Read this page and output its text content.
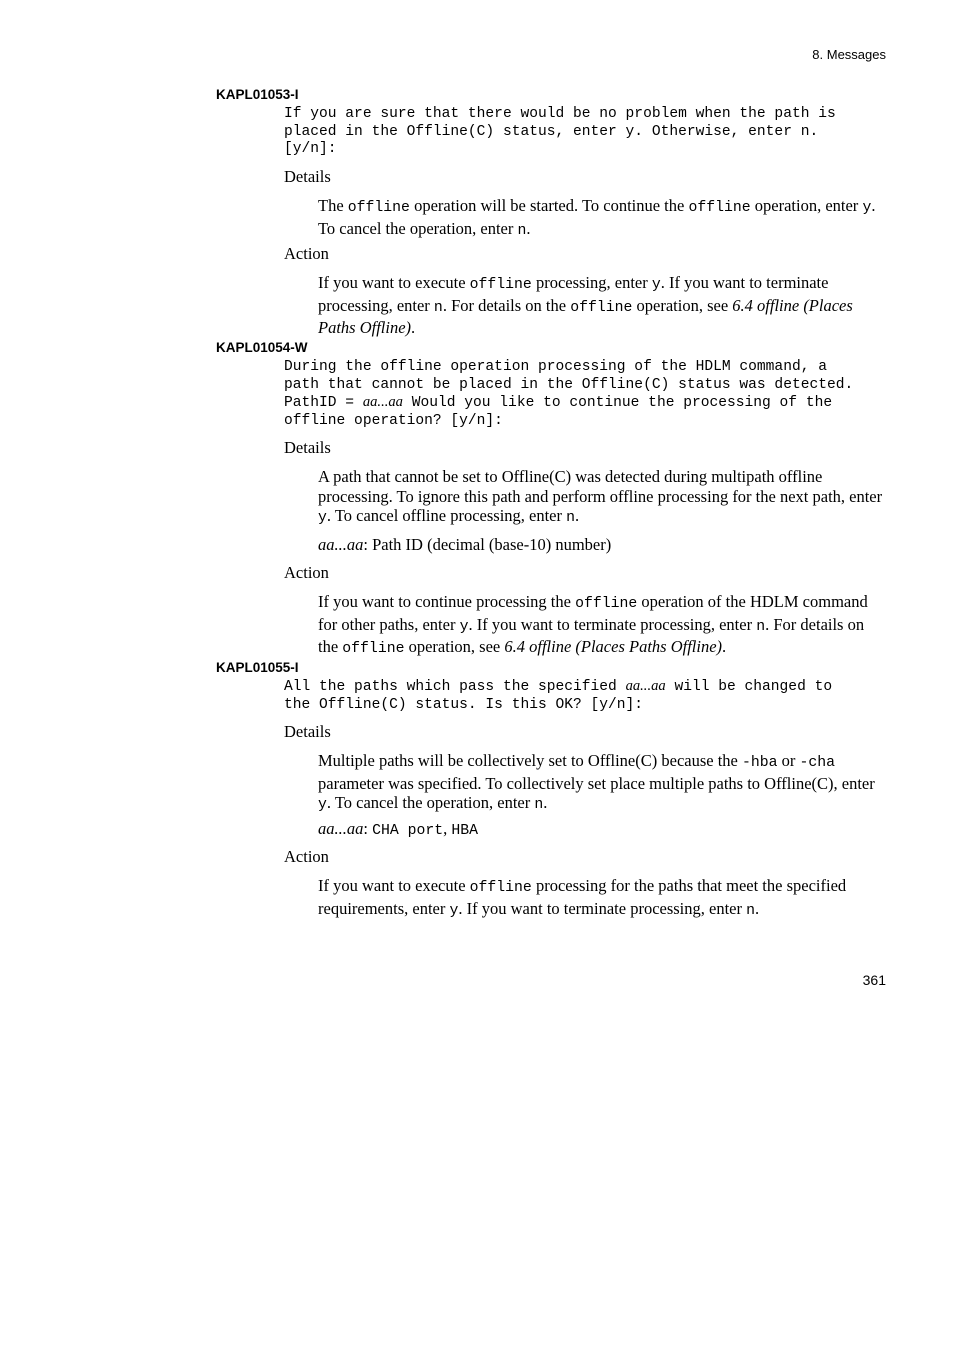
8. Messages
KAPL01053-I
If you are sure that there would be no problem when the path is
placed in the Offline(C) status, enter y. Otherwise, enter n.
[y/n]:
Details
The offline operation will be started. To continue the offline operation, enter y. To cancel the operation, enter n.
Action
If you want to execute offline processing, enter y. If you want to terminate processing, enter n. For details on the offline operation, see 6.4 offline (Places Paths Offline).
KAPL01054-W
During the offline operation processing of the HDLM command, a
path that cannot be placed in the Offline(C) status was detected.
PathID = aa...aa Would you like to continue the processing of the
offline operation? [y/n]:
Details
A path that cannot be set to Offline(C) was detected during multipath offline processing. To ignore this path and perform offline processing for the next path, enter y. To cancel offline processing, enter n.
aa...aa: Path ID (decimal (base-10) number)
Action
If you want to continue processing the offline operation of the HDLM command for other paths, enter y. If you want to terminate processing, enter n. For details on the offline operation, see 6.4 offline (Places Paths Offline).
KAPL01055-I
All the paths which pass the specified aa...aa will be changed to
the Offline(C) status. Is this OK? [y/n]:
Details
Multiple paths will be collectively set to Offline(C) because the -hba or -cha parameter was specified. To collectively set place multiple paths to Offline(C), enter y. To cancel the operation, enter n.
aa...aa: CHA port, HBA
Action
If you want to execute offline processing for the paths that meet the specified requirements, enter y. If you want to terminate processing, enter n.
361
